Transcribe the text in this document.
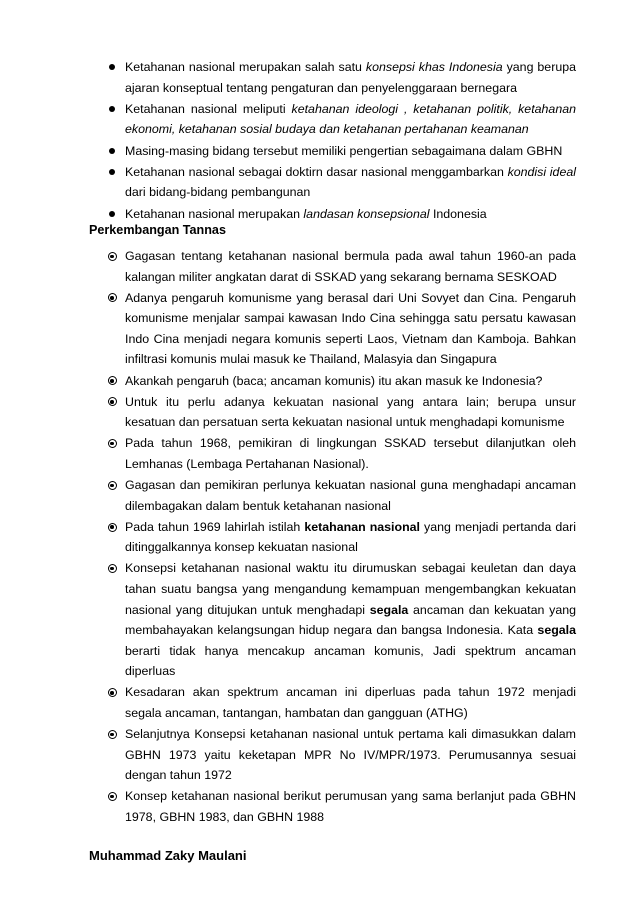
Ketahanan nasional merupakan salah satu konsepsi khas Indonesia yang berupa ajaran konseptual tentang pengaturan dan penyelenggaraan bernegara
Ketahanan nasional meliputi ketahanan ideologi , ketahanan politik, ketahanan ekonomi, ketahanan sosial budaya dan ketahanan pertahanan keamanan
Masing-masing bidang tersebut memiliki pengertian sebagaimana dalam GBHN
Ketahanan nasional sebagai doktirn dasar nasional menggambarkan kondisi ideal dari bidang-bidang pembangunan
Ketahanan nasional merupakan landasan konsepsional Indonesia
Perkembangan Tannas
Gagasan tentang ketahanan nasional bermula pada awal tahun 1960-an pada kalangan militer angkatan darat di SSKAD yang sekarang bernama SESKOAD
Adanya pengaruh komunisme yang berasal dari Uni Sovyet dan Cina. Pengaruh komunisme menjalar sampai kawasan Indo Cina sehingga satu persatu kawasan Indo Cina menjadi negara komunis seperti Laos, Vietnam dan Kamboja. Bahkan infiltrasi komunis mulai masuk ke Thailand, Malasyia dan Singapura
Akankah pengaruh (baca; ancaman komunis) itu akan masuk ke Indonesia?
Untuk itu perlu adanya kekuatan nasional yang antara lain; berupa unsur kesatuan dan persatuan serta kekuatan nasional untuk menghadapi komunisme
Pada tahun 1968, pemikiran di lingkungan SSKAD tersebut dilanjutkan oleh Lemhanas (Lembaga Pertahanan Nasional).
Gagasan dan pemikiran perlunya kekuatan nasional guna menghadapi ancaman dilembagakan dalam bentuk ketahanan nasional
Pada tahun 1969 lahirlah istilah ketahanan nasional yang menjadi pertanda dari ditinggalkannya konsep kekuatan nasional
Konsepsi ketahanan nasional waktu itu dirumuskan sebagai keuletan dan daya tahan suatu bangsa yang mengandung kemampuan mengembangkan kekuatan nasional yang ditujukan untuk menghadapi segala ancaman dan kekuatan yang membahayakan kelangsungan hidup negara dan bangsa Indonesia. Kata segala berarti tidak hanya mencakup ancaman komunis, Jadi spektrum ancaman diperluas
Kesadaran akan spektrum ancaman ini diperluas pada tahun 1972 menjadi segala ancaman, tantangan, hambatan dan gangguan (ATHG)
Selanjutnya Konsepsi ketahanan nasional untuk pertama kali dimasukkan dalam GBHN 1973 yaitu keketapan MPR No IV/MPR/1973. Perumusannya sesuai dengan tahun 1972
Konsep ketahanan nasional berikut perumusan yang sama berlanjut pada GBHN 1978, GBHN 1983, dan GBHN 1988

Muhammad Zaky Maulani
